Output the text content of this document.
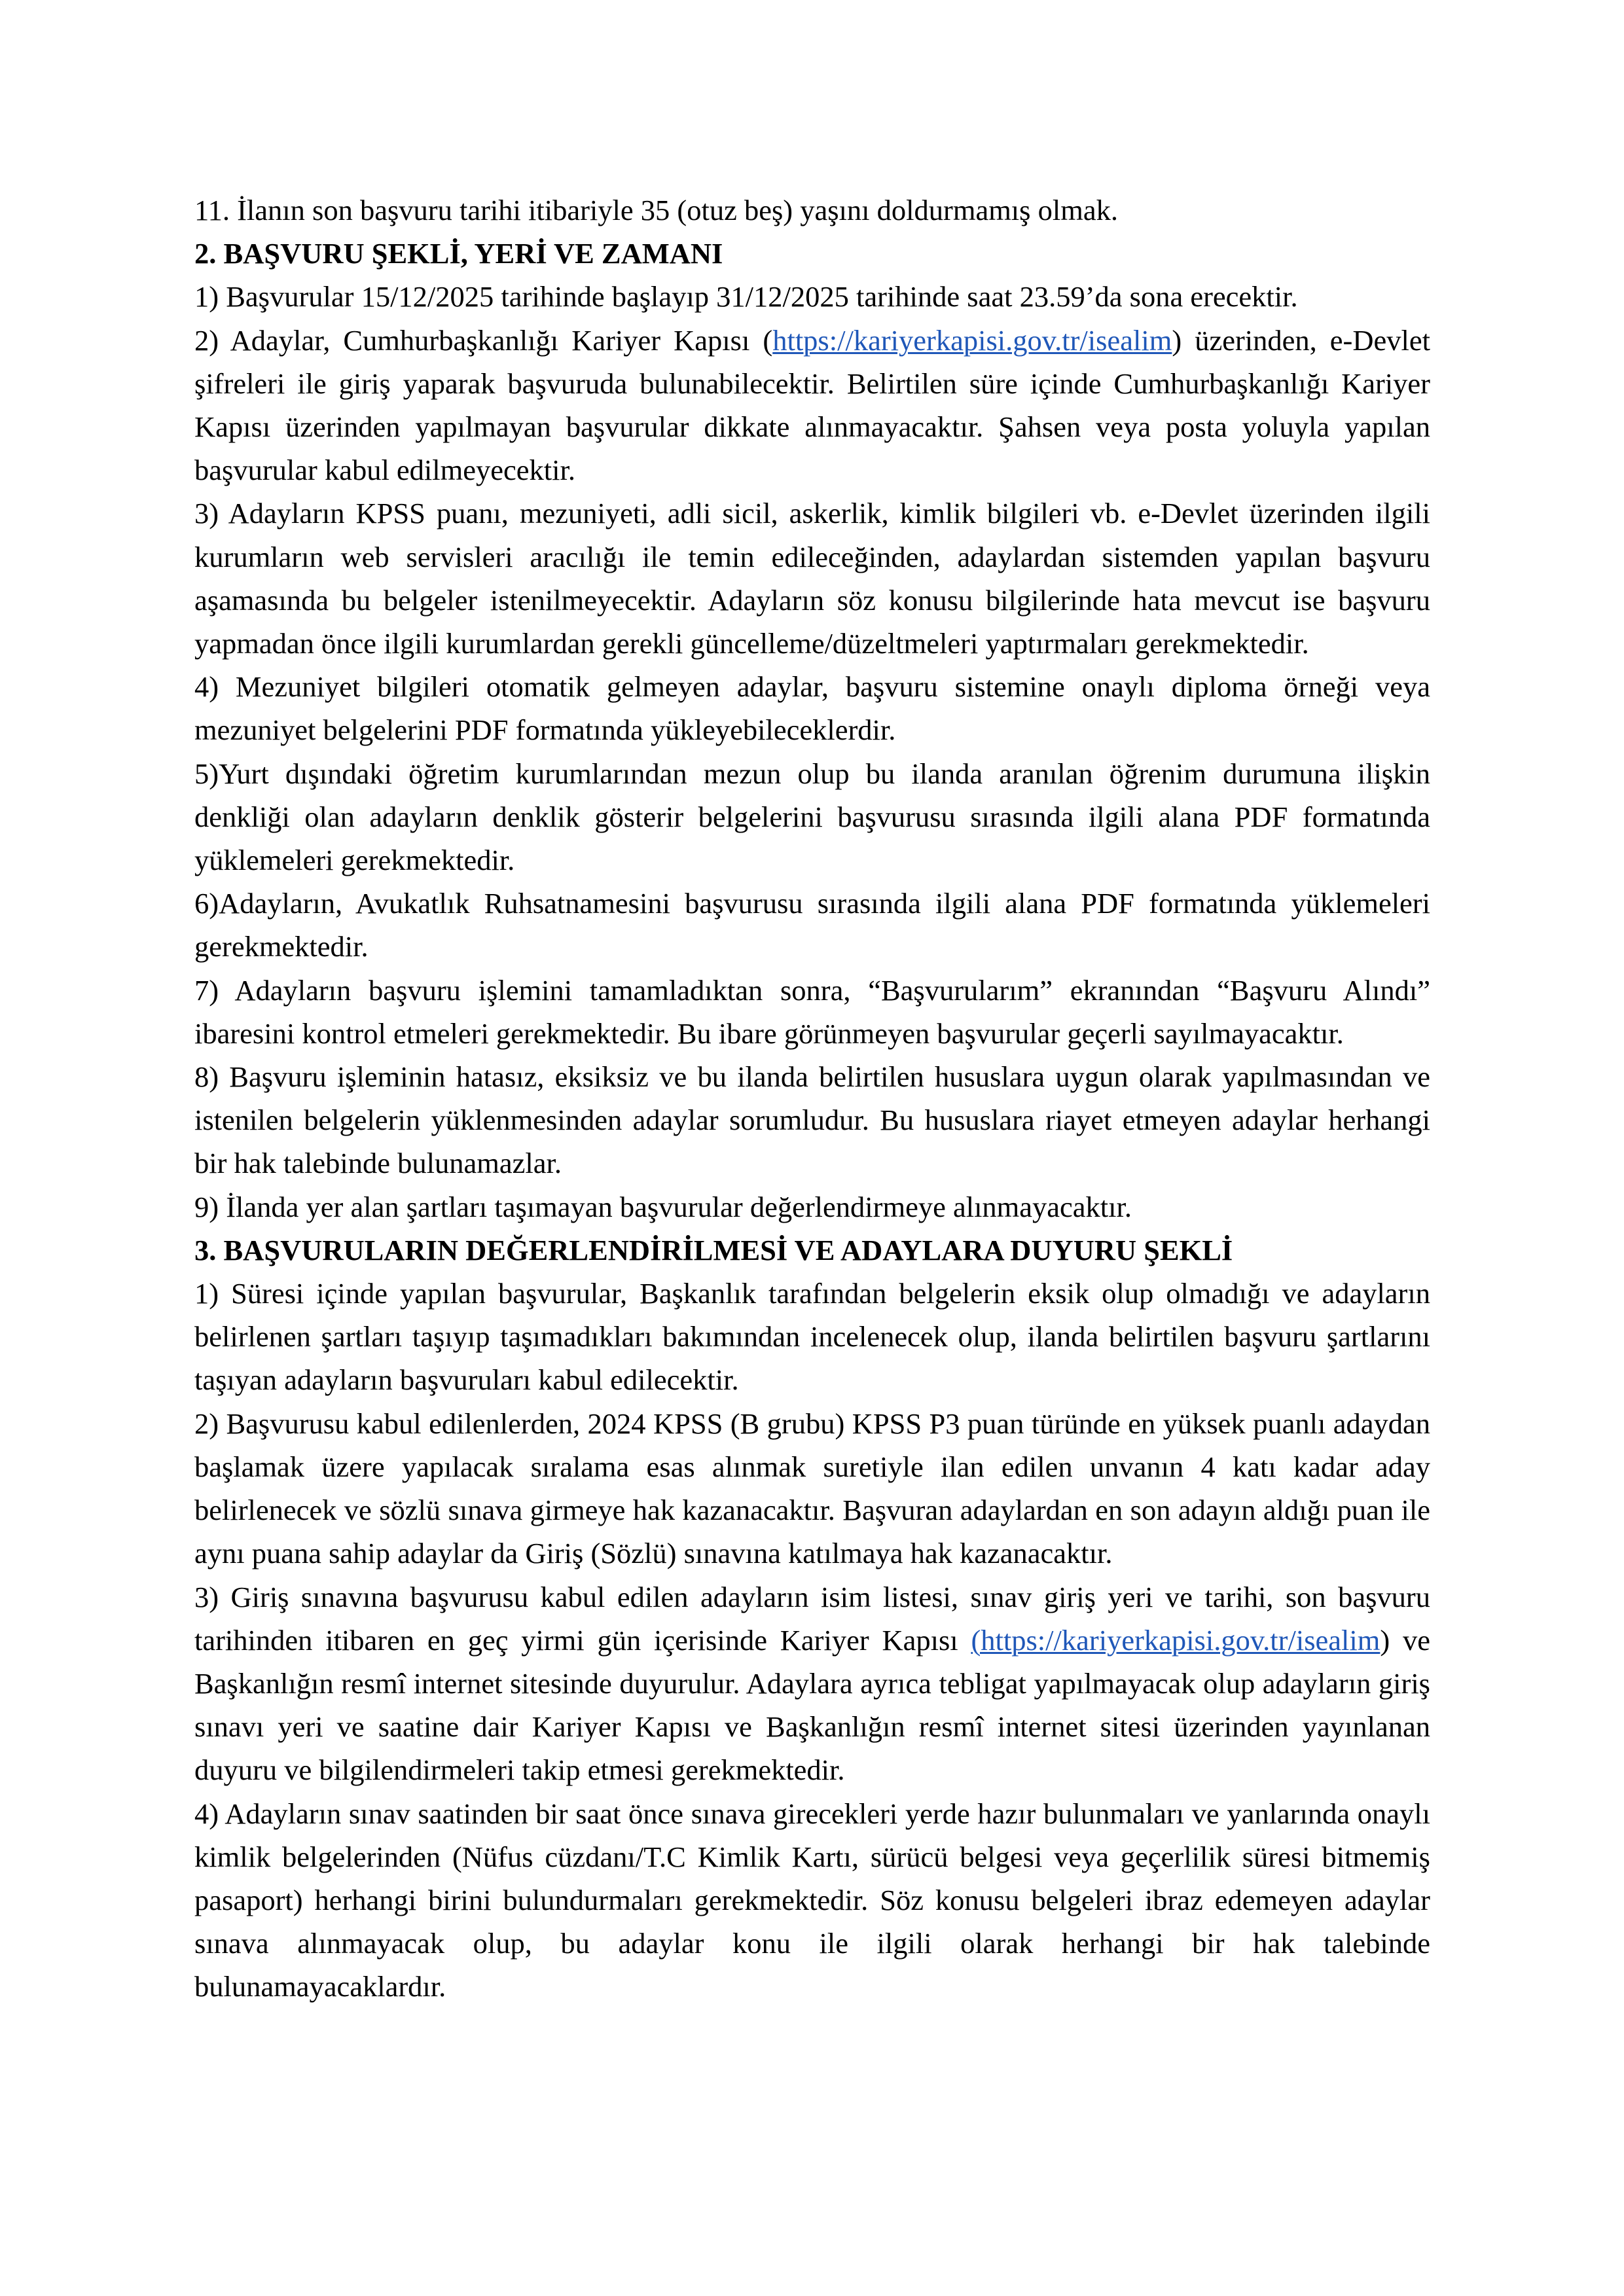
11. İlanın son başvuru tarihi itibariyle 35 (otuz beş) yaşını doldurmamış olmak.

2. BAŞVURU ŞEKLİ, YERİ VE ZAMANI

1) Başvurular 15/12/2025 tarihinde başlayıp 31/12/2025 tarihinde saat 23.59’da sona erecektir.

2) Adaylar, Cumhurbaşkanlığı Kariyer Kapısı (https://kariyerkapisi.gov.tr/isealim) üzerinden, e-Devlet şifreleri ile giriş yaparak başvuruda bulunabilecektir. Belirtilen süre içinde Cumhurbaşkanlığı Kariyer Kapısı üzerinden yapılmayan başvurular dikkate alınmayacaktır. Şahsen veya posta yoluyla yapılan başvurular kabul edilmeyecektir.

3) Adayların KPSS puanı, mezuniyeti, adli sicil, askerlik, kimlik bilgileri vb. e-Devlet üzerinden ilgili kurumların web servisleri aracılığı ile temin edileceğinden, adaylardan sistemden yapılan başvuru aşamasında bu belgeler istenilmeyecektir. Adayların söz konusu bilgilerinde hata mevcut ise başvuru yapmadan önce ilgili kurumlardan gerekli güncelleme/düzeltmeleri yaptırmaları gerekmektedir.

4) Mezuniyet bilgileri otomatik gelmeyen adaylar, başvuru sistemine onaylı diploma örneği veya mezuniyet belgelerini PDF formatında yükleyebileceklerdir.

5)Yurt dışındaki öğretim kurumlarından mezun olup bu ilanda aranılan öğrenim durumuna ilişkin denkliği olan adayların denklik gösterir belgelerini başvurusu sırasında ilgili alana PDF formatında yüklemeleri gerekmektedir.

6)Adayların, Avukatlık Ruhsatnamesini başvurusu sırasında ilgili alana PDF formatında yüklemeleri gerekmektedir.

7) Adayların başvuru işlemini tamamladıktan sonra, “Başvurularım” ekranından “Başvuru Alındı” ibaresini kontrol etmeleri gerekmektedir. Bu ibare görünmeyen başvurular geçerli sayılmayacaktır.

8) Başvuru işleminin hatasız, eksiksiz ve bu ilanda belirtilen hususlara uygun olarak yapılmasından ve istenilen belgelerin yüklenmesinden adaylar sorumludur. Bu hususlara riayet etmeyen adaylar herhangi bir hak talebinde bulunamazlar.

9) İlanda yer alan şartları taşımayan başvurular değerlendirmeye alınmayacaktır.

3. BAŞVURULARIN DEĞERLENDİRİLMESİ VE ADAYLARA DUYURU ŞEKLİ

1) Süresi içinde yapılan başvurular, Başkanlık tarafından belgelerin eksik olup olmadığı ve adayların belirlenen şartları taşıyıp taşımadıkları bakımından incelenecek olup, ilanda belirtilen başvuru şartlarını taşıyan adayların başvuruları kabul edilecektir.

2) Başvurusu kabul edilenlerden, 2024 KPSS (B grubu) KPSS P3 puan türünde en yüksek puanlı adaydan başlamak üzere yapılacak sıralama esas alınmak suretiyle ilan edilen unvanın 4 katı kadar aday belirlenecek ve sözlü sınava girmeye hak kazanacaktır. Başvuran adaylardan en son adayın aldığı puan ile aynı puana sahip adaylar da Giriş (Sözlü) sınavına katılmaya hak kazanacaktır.

3) Giriş sınavına başvurusu kabul edilen adayların isim listesi, sınav giriş yeri ve tarihi, son başvuru tarihinden itibaren en geç yirmi gün içerisinde Kariyer Kapısı (https://kariyerkapisi.gov.tr/isealim) ve Başkanlığın resmî internet sitesinde duyurulur. Adaylara ayrıca tebligat yapılmayacak olup adayların giriş sınavı yeri ve saatine dair Kariyer Kapısı ve Başkanlığın resmî internet sitesi üzerinden yayınlanan duyuru ve bilgilendirmeleri takip etmesi gerekmektedir.

4) Adayların sınav saatinden bir saat önce sınava girecekleri yerde hazır bulunmaları ve yanlarında onaylı kimlik belgelerinden (Nüfus cüzdanı/T.C Kimlik Kartı, sürücü belgesi veya geçerlilik süresi bitmemiş pasaport) herhangi birini bulundurmaları gerekmektedir. Söz konusu belgeleri ibraz edemeyen adaylar sınava alınmayacak olup, bu adaylar konu ile ilgili olarak herhangi bir hak talebinde bulunamayacaklardır.
